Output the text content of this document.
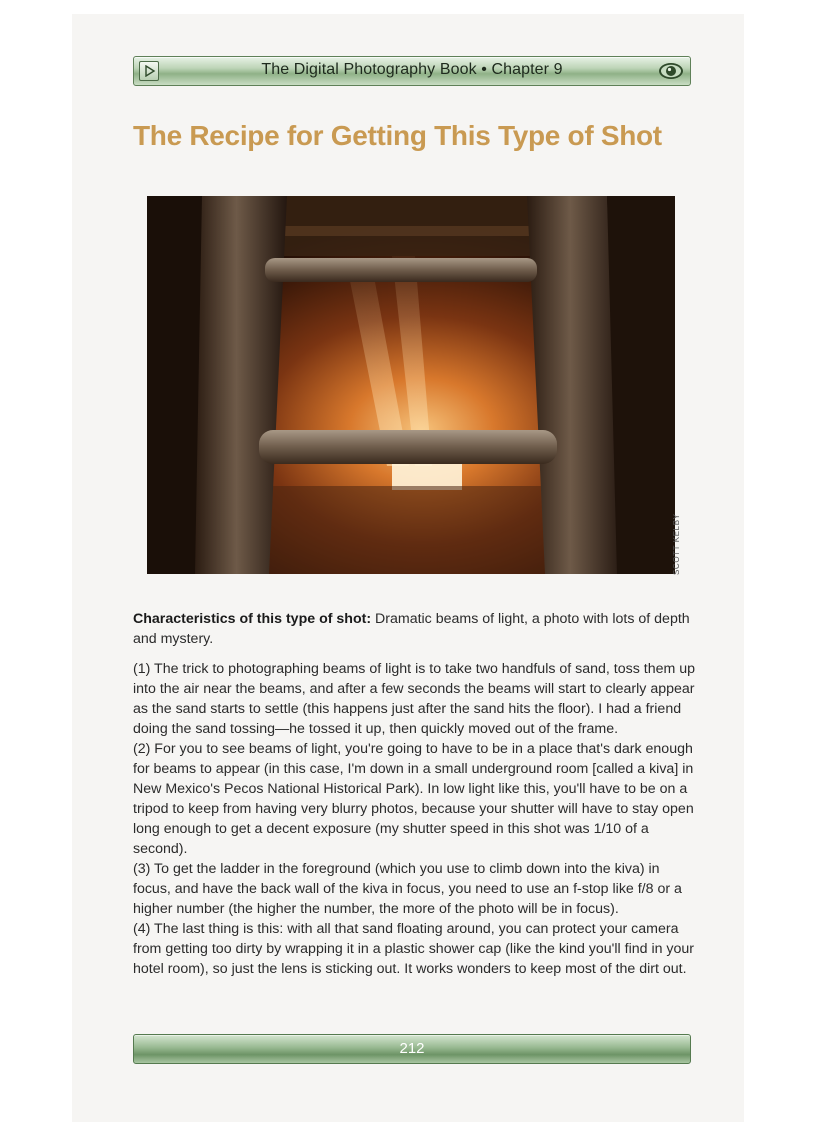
The Digital Photography Book • Chapter 9
The Recipe for Getting This Type of Shot
SCOTT KELBY

Characteristics of this type of shot: Dramatic beams of light, a photo with lots of depth and mystery.

(1) The trick to photographing beams of light is to take two handfuls of sand, toss them up into the air near the beams, and after a few seconds the beams will start to clearly appear as the sand starts to settle (this happens just after the sand hits the floor). I had a friend doing the sand tossing—he tossed it up, then quickly moved out of the frame.

(2) For you to see beams of light, you're going to have to be in a place that's dark enough for beams to appear (in this case, I'm down in a small underground room [called a kiva] in New Mexico's Pecos National Historical Park). In low light like this, you'll have to be on a tripod to keep from having very blurry photos, because your shutter will have to stay open long enough to get a decent exposure (my shutter speed in this shot was 1/10 of a second).

(3) To get the ladder in the foreground (which you use to climb down into the kiva) in focus, and have the back wall of the kiva in focus, you need to use an f-stop like f/8 or a higher number (the higher the number, the more of the photo will be in focus).

(4) The last thing is this: with all that sand floating around, you can protect your camera from getting too dirty by wrapping it in a plastic shower cap (like the kind you'll find in your hotel room), so just the lens is sticking out. It works wonders to keep most of the dirt out.

212
